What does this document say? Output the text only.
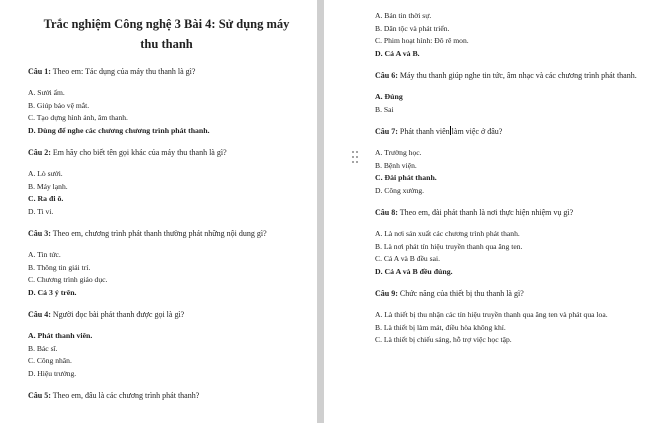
Trắc nghiệm Công nghệ 3 Bài 4: Sử dụng máy thu thanh
Câu 1: Theo em: Tác dụng của máy thu thanh là gì?
A. Sưởi ấm.
B. Giúp bảo vệ mắt.
C. Tạo dựng hình ảnh, âm thanh.
D. Dùng để nghe các chương chương trình phát thanh.
Câu 2: Em hãy cho biết tên gọi khác của máy thu thanh là gì?
A. Lò sưởi.
B. Máy lạnh.
C. Ra đi ô.
D. Ti vi.
Câu 3: Theo em, chương trình phát thanh thường phát những nội dung gì?
A. Tin tức.
B. Thông tin giải trí.
C. Chương trình giáo dục.
D. Cả 3 ý trên.
Câu 4: Người đọc bài phát thanh được gọi là gì?
A. Phát thanh viên.
B. Bác sĩ.
C. Công nhân.
D. Hiệu trưởng.
Câu 5: Theo em, đâu là các chương trình phát thanh?
A. Bản tin thời sự.
B. Dân tộc và phát triển.
C. Phim hoạt hình: Đô rê mon.
D. Cả A và B.
Câu 6: Máy thu thanh giúp nghe tin tức, âm nhạc và các chương trình phát thanh.
A. Đúng
B. Sai
Câu 7: Phát thanh viên làm việc ở đâu?
A. Trường học.
B. Bệnh viện.
C. Đài phát thanh.
D. Công xưởng.
Câu 8: Theo em, đài phát thanh là nơi thực hiện nhiệm vụ gì?
A. Là nơi sản xuất các chương trình phát thanh.
B. Là nơi phát tín hiệu truyền thanh qua ăng ten.
C. Cả A và B đều sai.
D. Cả A và B đều đúng.
Câu 9: Chức năng của thiết bị thu thanh là gì?
A. Là thiết bị thu nhận các tín hiệu truyền thanh qua ăng ten và phát qua loa.
B. Là thiết bị làm mát, điều hòa không khí.
C. Là thiết bị chiếu sáng, hỗ trợ việc học tập.
